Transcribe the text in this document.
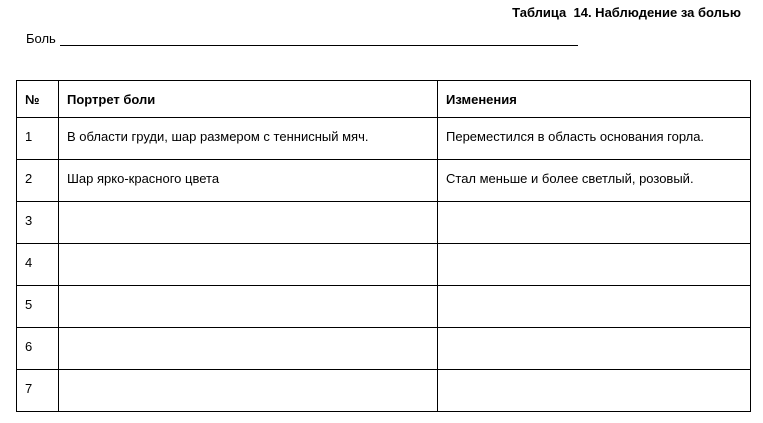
Таблица  14. Наблюдение за болью
Боль
№	Портрет боли	Изменения
1	В области груди, шар размером с теннисный мяч.	Переместился в область основания горла.
2	Шар ярко-красного цвета	Стал меньше и более светлый, розовый.
3		
4		
5		
6		
7		
